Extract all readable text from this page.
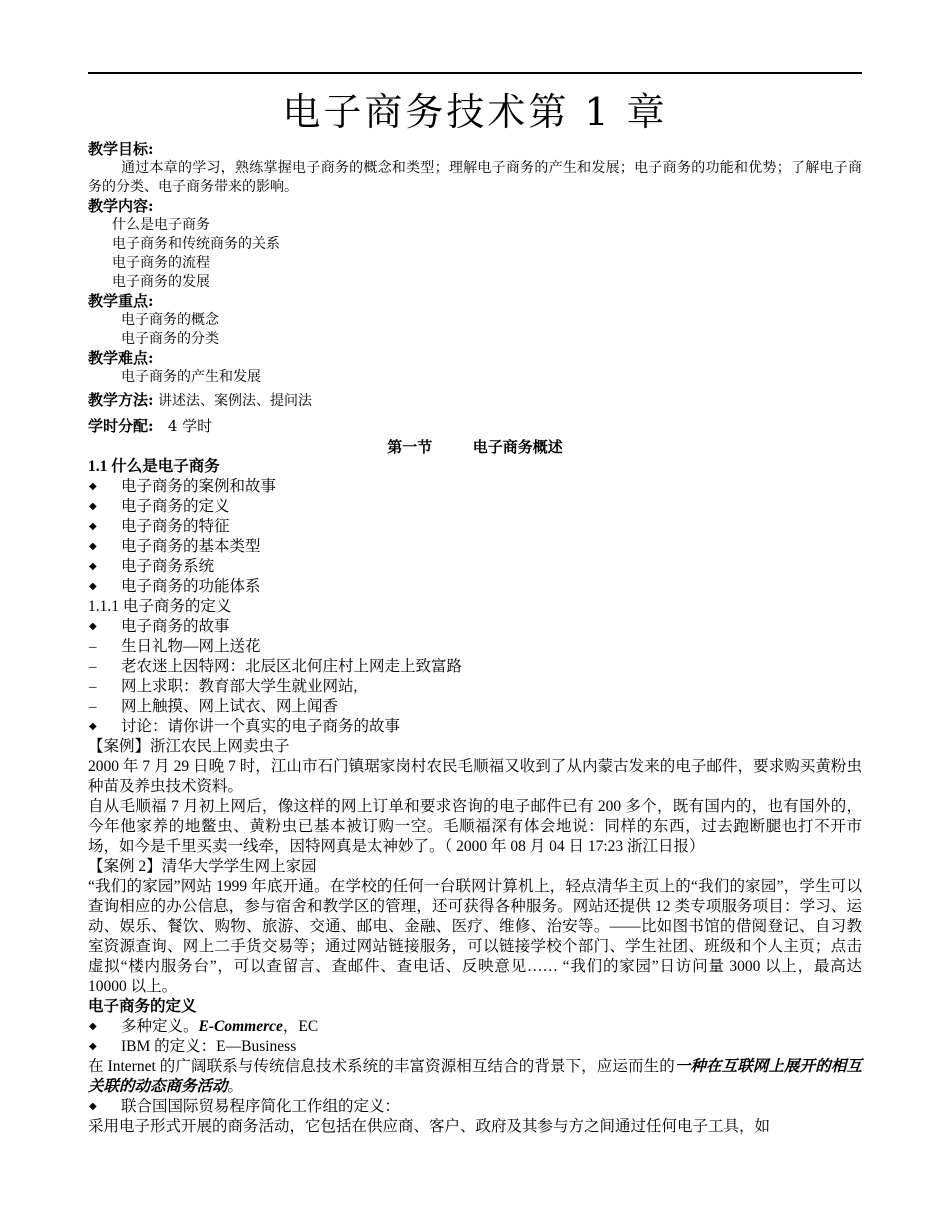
电子商务技术第 1 章
教学目标:
通过本章的学习，熟练掌握电子商务的概念和类型；理解电子商务的产生和发展；电子商务的功能和优势；了解电子商务的分类、电子商务带来的影响。
教学内容:
什么是电子商务
电子商务和传统商务的关系
电子商务的流程
电子商务的发展
教学重点:
电子商务的概念
电子商务的分类
教学难点:
电子商务的产生和发展
教学方法: 讲述法、案例法、提问法
学时分配: 4 学时
第一节	电子商务概述
1.1 什么是电子商务
◆ 电子商务的案例和故事
◆ 电子商务的定义
◆ 电子商务的特征
◆ 电子商务的基本类型
◆ 电子商务系统
◆ 电子商务的功能体系
1.1.1 电子商务的定义
◆ 电子商务的故事
– 生日礼物—网上送花
– 老农迷上因特网：北辰区北何庄村上网走上致富路
– 网上求职：教育部大学生就业网站,
– 网上触摸、网上试衣、网上闻香
◆ 讨论：请你讲一个真实的电子商务的故事
【案例】浙江农民上网卖虫子
2000 年 7 月 29 日晚 7 时，江山市石门镇琚家岗村农民毛顺福又收到了从内蒙古发来的电子邮件，要求购买黄粉虫种苗及养虫技术资料。
自从毛顺福 7 月初上网后，像这样的网上订单和要求咨询的电子邮件已有 200 多个，既有国内的，也有国外的，今年他家养的地鳖虫、黄粉虫已基本被订购一空。毛顺福深有体会地说：同样的东西，过去跑断腿也打不开市场，如今是千里买卖一线牵，因特网真是太神妙了。（ 2000 年 08 月 04 日 17:23 浙江日报）
【案例 2】清华大学学生网上家园
“我们的家园”网站 1999 年底开通。在学校的任何一台联网计算机上，轻点清华主页上的“我们的家园”，学生可以查询相应的办公信息，参与宿舍和教学区的管理，还可获得各种服务。网站还提供 12 类专项服务项目：学习、运动、娱乐、餐饮、购物、旅游、交通、邮电、金融、医疗、维修、治安等。——比如图书馆的借阅登记、自习教室资源查询、网上二手货交易等；通过网站链接服务，可以链接学校个部门、学生社团、班级和个人主页；点击虚拟“楼内服务台”，可以查留言、查邮件、查电话、反映意见…… “我们的家园”日访问量 3000 以上，最高达 10000 以上。
电子商务的定义
◆ 多种定义。E-Commerce，EC
◆ IBM 的定义：E—Business
在 Internet 的广阔联系与传统信息技术系统的丰富资源相互结合的背景下，应运而生的一种在互联网上展开的相互关联的动态商务活动。
◆ 联合国国际贸易程序简化工作组的定义：
采用电子形式开展的商务活动，它包括在供应商、客户、政府及其参与方之间通过任何电子工具，如
